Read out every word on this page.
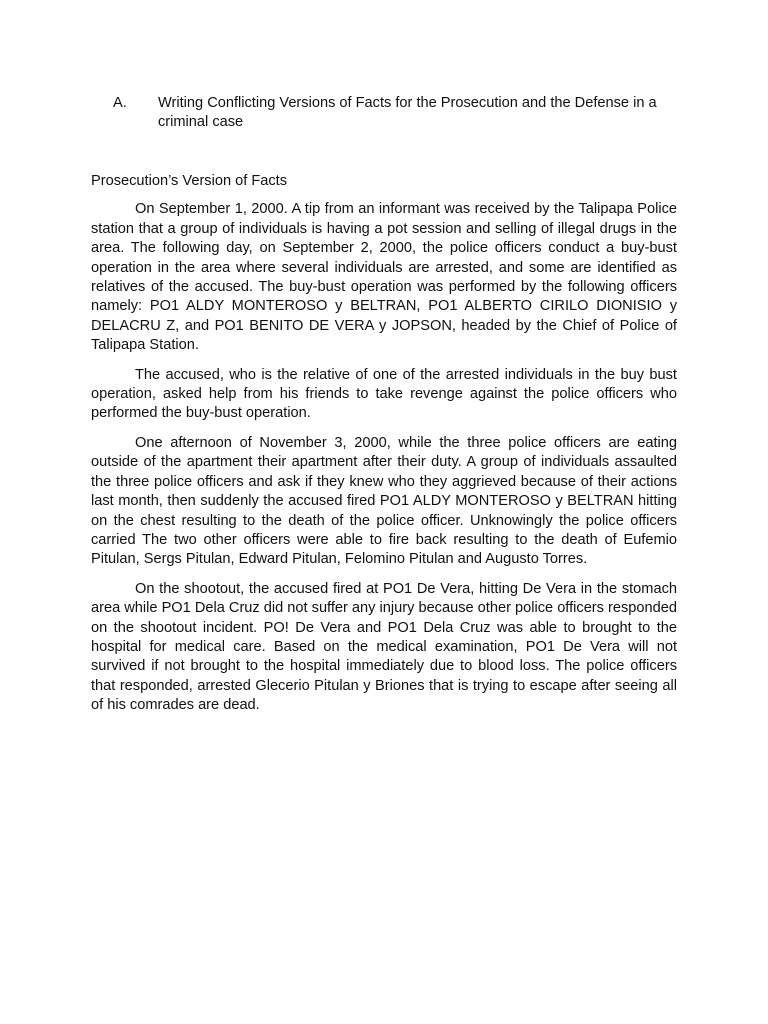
A.	Writing Conflicting Versions of Facts for the Prosecution and the Defense in a criminal case

Prosecution’s Version of Facts

On September 1, 2000. A tip from an informant was received by the Talipapa Police station that a group of individuals is having a pot session and selling of illegal drugs in the area. The following day, on September 2, 2000, the police officers conduct a buy-bust operation in the area where several individuals are arrested, and some are identified as relatives of the accused. The buy-bust operation was performed by the following officers namely: PO1 ALDY MONTEROSO y BELTRAN, PO1 ALBERTO CIRILO DIONISIO y DELACRU Z, and PO1 BENITO DE VERA y JOPSON, headed by the Chief of Police of Talipapa Station.

The accused, who is the relative of one of the arrested individuals in the buy bust operation, asked help from his friends to take revenge against the police officers who performed the buy-bust operation.

One afternoon of November 3, 2000, while the three police officers are eating outside of the apartment their apartment after their duty. A group of individuals assaulted the three police officers and ask if they knew who they aggrieved because of their actions last month, then suddenly the accused fired PO1 ALDY MONTEROSO y BELTRAN hitting on the chest resulting to the death of the police officer. Unknowingly the police officers carried The two other officers were able to fire back resulting to the death of Eufemio Pitulan, Sergs Pitulan, Edward Pitulan, Felomino Pitulan and Augusto Torres.

On the shootout, the accused fired at PO1 De Vera, hitting De Vera in the stomach area while PO1 Dela Cruz did not suffer any injury because other police officers responded on the shootout incident. PO! De Vera and PO1 Dela Cruz was able to brought to the hospital for medical care. Based on the medical examination, PO1 De Vera will not survived if not brought to the hospital immediately due to blood loss. The police officers that responded, arrested Glecerio Pitulan y Briones that is trying to escape after seeing all of his comrades are dead.
